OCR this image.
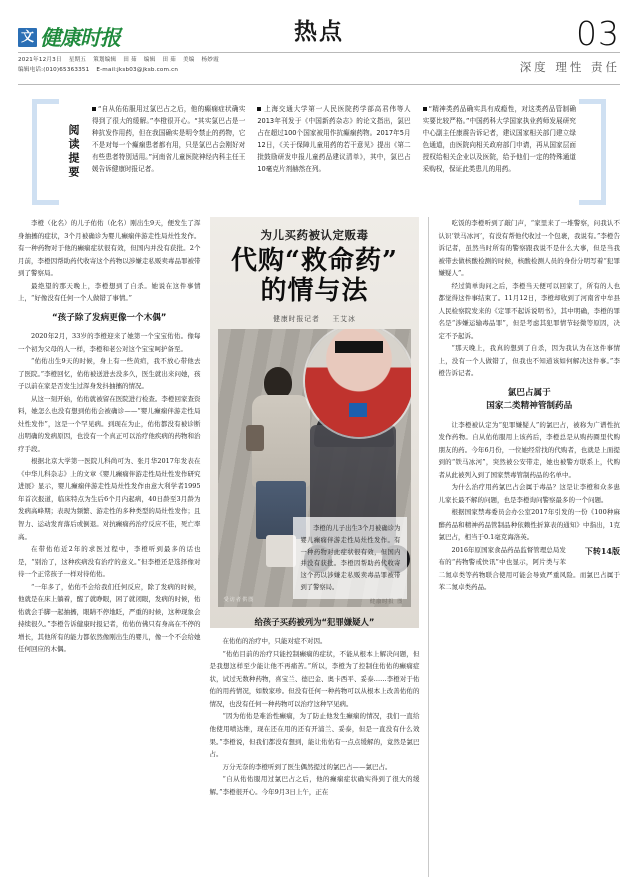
文 健康时报	热点	03
2021年12月3日 星期五 策划编辑 田 茹 编辑 田 茹 美编 杨妙霞
编辑电话:(010)65363351 E-mail:jksb03@jksb.com.cn	深度 理性 责任
阅读提要
“自从佑佑服用过氯巴占之后，他的癫痫症状确实得到了很大的缓解。”李橙很开心。“其实氯巴占是一种抗发作用药，但在我国确实是明令禁止的药物，它不是对每一个癫痫患者都有用，只是氯巴占会刚好对有些患者特别适用。”河南省儿童医院神经内科主任王媛告诉健康时报记者。
上海交通大学第一人民医院药学部高君伟等人2013年刊发于《中国新药杂志》的论文指出，氯巴占在超过100个国家被用作抗癫痫药物。2017年5月12日，《关于保障儿童用药的若干意见》提出《第二批鼓励研发申报儿童药品建议清单》，其中，氯巴占10毫克片剂赫然在列。
“精神类药品确实具有成瘾性，对这类药品管制确实要比较严格。”中国药科大学国家执业药师发展研究中心副主任康震告诉记者，建议国家相关部门建立绿色通道，由医院向相关政府部门申请，再从国家层面授权给相关企业以及医院，给予他们一定的特殊通道采购权，保证此类患儿的用药。

李橙（化名）的儿子佑佑（化名）刚出生9天，便发生了浑身抽搐的症状，3个月被确诊为婴儿癫痫伴游走性局灶性发作。有一种药物对于他的癫痫症状很有效，但国内并没有获批。2个月前，李橙因帮助药代收寄这个药物以涉嫌走私贩卖毒品罪被带到了警察局。

最绝望的那天晚上，李橙想到了自杀。她说在这件事情上，“好像没有任何一个人做错了事情。”

“孩子除了发病更像一个木偶”

2020年2月，33岁的李橙迎来了她第一个宝宝佑佑。像每一个初为父母的人一样，李橙和老公对这个宝宝呵护备至。

“佑佑出生9天的时候，身上有一些黄疸，我不放心带他去了医院。”李橙回忆，佑佑被送进去没多久，医生就出来问她，孩子以前在家是否发生过浑身发抖抽搐的情况。

从这一刻开始，佑佑就被留在医院进行检查。李橙回家查资料，她怎么也没有想到佑佑会被确诊——“婴儿癫痫伴游走性局灶性发作”，这是一个罕见病。到现在为止，佑佑都没有被诊断出明确的发病原因，也没有一个真正可以治疗他疾病的药物和治疗手段。

根据北京大学第一医院儿科尚可为、张月华2017年发表在《中华儿科杂志》上的文章《婴儿癫痫伴游走性局灶性发作研究进展》显示，婴儿癫痫伴游走性局灶性发作由意大利学者1995年首次报道，临床特点为生后6个月内起病，40日龄至3月龄为发病高峰期；表现为频繁、游走性的多种类型的局灶性发作；且智力、运动发育落后或倒退。对抗癫痫药治疗反应不佳，死亡率高。

在带佑佑近2年的求医过程中，李橙听到最多的话也是，“别治了，这种疾病没有治疗的意义。”但李橙还是选择像对待一个正常孩子一样对待佑佑。

“一年多了，佑佑不会给我们任何反应，除了发病的时候，他就是在床上躺着，醒了就睁眼，困了就闭眼，发病的时候，佑佑就会手脚一起抽搐，眼睛不停地眨，严重的时候，这种现象会持续很久。”李橙告诉健康时报记者，佑佑仿佛只有身高在不停的增长，其他所有的能力都依然像刚出生的婴儿，像一个不会给她任何回应的木偶。

为儿买药被认定贩毒
代购“救命药”
的情与法
健康时报记者 王艾冰
李橙的儿子出生3个月被确诊为婴儿癫痫伴游走性局灶性发作。有一种药物对此症状很有效，但国内并没有获批。李橙因帮助药代收寄这个药以涉嫌走私贩卖毒品罪被带到了警察局。
受访者供图	健康时报 图
给孩子买药被列为“犯罪嫌疑人”

在佑佑的治疗中，只能对症不对因。

“佑佑目前的治疗只能控制癫痫的症状，不能从根本上解决问题，但是我想这样至少能让他不再痛苦。”所以，李橙为了控制住佑佑的癫痫症状，试过无数种药物，喜宝兰、德巴金、奥卡西平、妥泰……李橙对于佑佑的用药情况，如数家珍。但没有任何一种药物可以从根本上改善佑佑的情况，也没有任何一种药物可以治疗这种罕见病。

“因为佑佑是难治性癫痫，为了防止他发生癫痫的情况，我们一直给他使用喷达维，现在还在用的还有开浦兰、妥泰，但是一直没有什么效果。”李橙说，但我们都没有想到，能让佑佑有一点点缓解的，竟然是氯巴占。

万分无奈的李橙听到了医生偶然提过的氯巴占——氯巴占。

“自从佑佑服用过氯巴占之后，他的癫痫症状确实得到了很大的缓解。”李橙很开心。今年9月3日上午，正在

吃饭的李橙听到了敲门声，“家里来了一堆警察，问我认不认识‘铁马冰河’，有没有帮他代收过一个包裹，我说有。”李橙告诉记者，虽然当时所有的警察跟我说不是什么大事，但是当我被带去做核酸检测的时候，核酸检测人员的身份分明写着“犯罪嫌疑人”。

经过简单询问之后，李橙当天便可以回家了，所有的人也都觉得这件事结束了。11月12日，李橙却收到了河南省中牟县人民检察院发来的《定罪不起诉说明书》，其中明确，李橙的罪名是“涉嫌运输毒品罪”，但是考虑其犯罪情节轻微等原因，决定不予起诉。

“那天晚上，我真的想到了自杀，因为我认为在这件事情上，没有一个人做错了，但我也不知道该如何解决这件事。”李橙告诉记者。

氯巴占属于
国家二类精神管制药品

让李橙被认定为“犯罪嫌疑人”的氯巴占，被称为广谱性抗发作药物。自从佑佑服用上该药后，李橙总是从购药圈里代购朋友的药。今年6月份，一位她经常找的代购者，也就是上面提到的“铁马冰河”，突然被公安带走，她也被警方联系上，代购者从此被列入到了国家禁毒管制药品的名单中。

为什么治疗用药氯巴占会属于毒品？这是让李橙和众多患儿家长最不解的问题，也是李橙询问警察最多的一个问题。

根据国家禁毒委员会办公室2017年引发的一份《100种麻醉药品和精神药品管制品种依赖性折算表的通知》中指出，1克氯巴占，相当于0.1毫克海洛英。

下转14版
2016年原国家食品药品监督管理总局发布的“药物警戒快讯”中也显示，阿片类与苯二氮卓类等药物联合使用可能会导致严重风险。而氯巴占属于苯二氮卓类药品。
